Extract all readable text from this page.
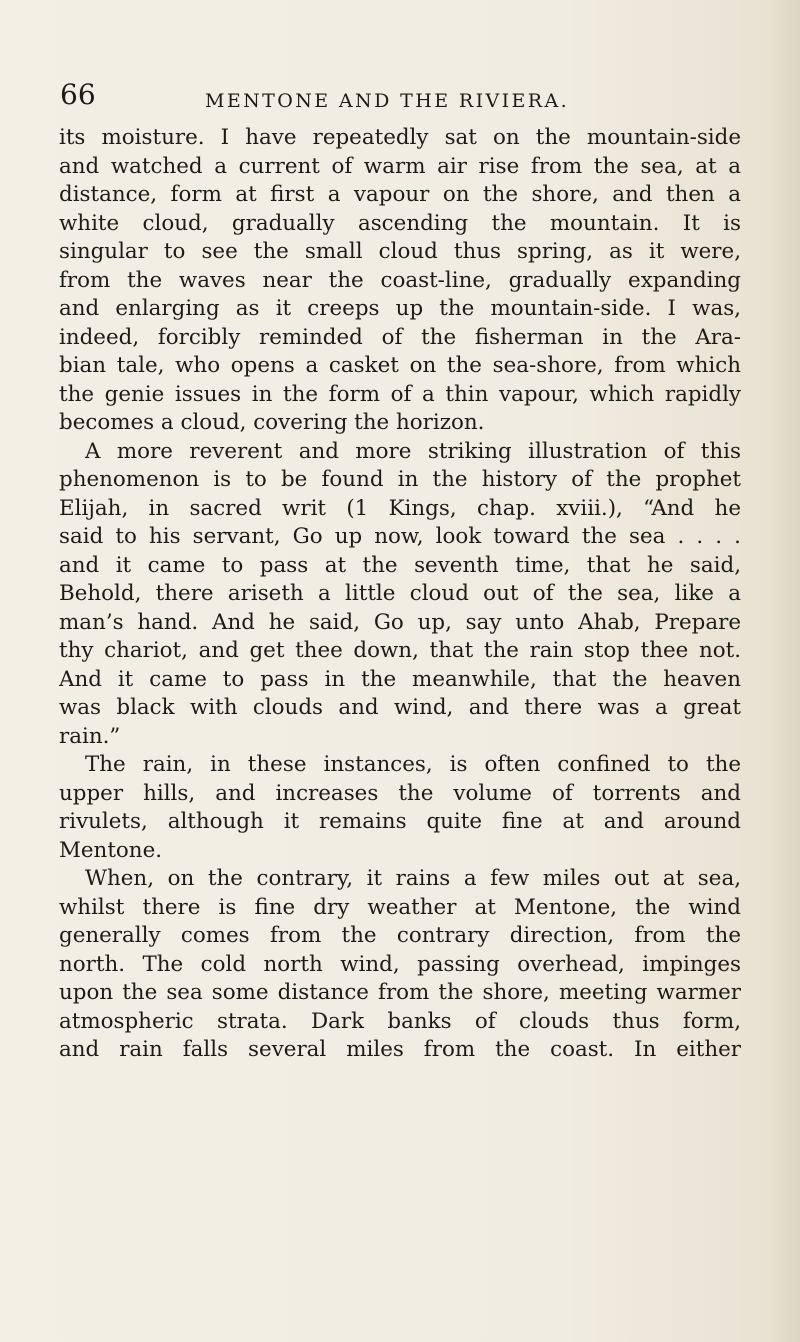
66	MENTONE AND THE RIVIERA.
its moisture. I have repeatedly sat on the mountain-side
and watched a current of warm air rise from the sea, at a
distance, form at first a vapour on the shore, and then a
white cloud, gradually ascending the mountain. It is
singular to see the small cloud thus spring, as it were,
from the waves near the coast-line, gradually expanding
and enlarging as it creeps up the mountain-side. I was,
indeed, forcibly reminded of the fisherman in the Ara-
bian tale, who opens a casket on the sea-shore, from which
the genie issues in the form of a thin vapour, which rapidly
becomes a cloud, covering the horizon.
A more reverent and more striking illustration of this
phenomenon is to be found in the history of the prophet
Elijah, in sacred writ (1 Kings, chap. xviii.), “And he
said to his servant, Go up now, look toward the sea . . . .
and it came to pass at the seventh time, that he said,
Behold, there ariseth a little cloud out of the sea, like a
man’s hand. And he said, Go up, say unto Ahab, Prepare
thy chariot, and get thee down, that the rain stop thee not.
And it came to pass in the meanwhile, that the heaven
was black with clouds and wind, and there was a great
rain.”
The rain, in these instances, is often confined to the
upper hills, and increases the volume of torrents and
rivulets, although it remains quite fine at and around
Mentone.
When, on the contrary, it rains a few miles out at sea,
whilst there is fine dry weather at Mentone, the wind
generally comes from the contrary direction, from the
north. The cold north wind, passing overhead, impinges
upon the sea some distance from the shore, meeting warmer
atmospheric strata. Dark banks of clouds thus form,
and rain falls several miles from the coast. In either
